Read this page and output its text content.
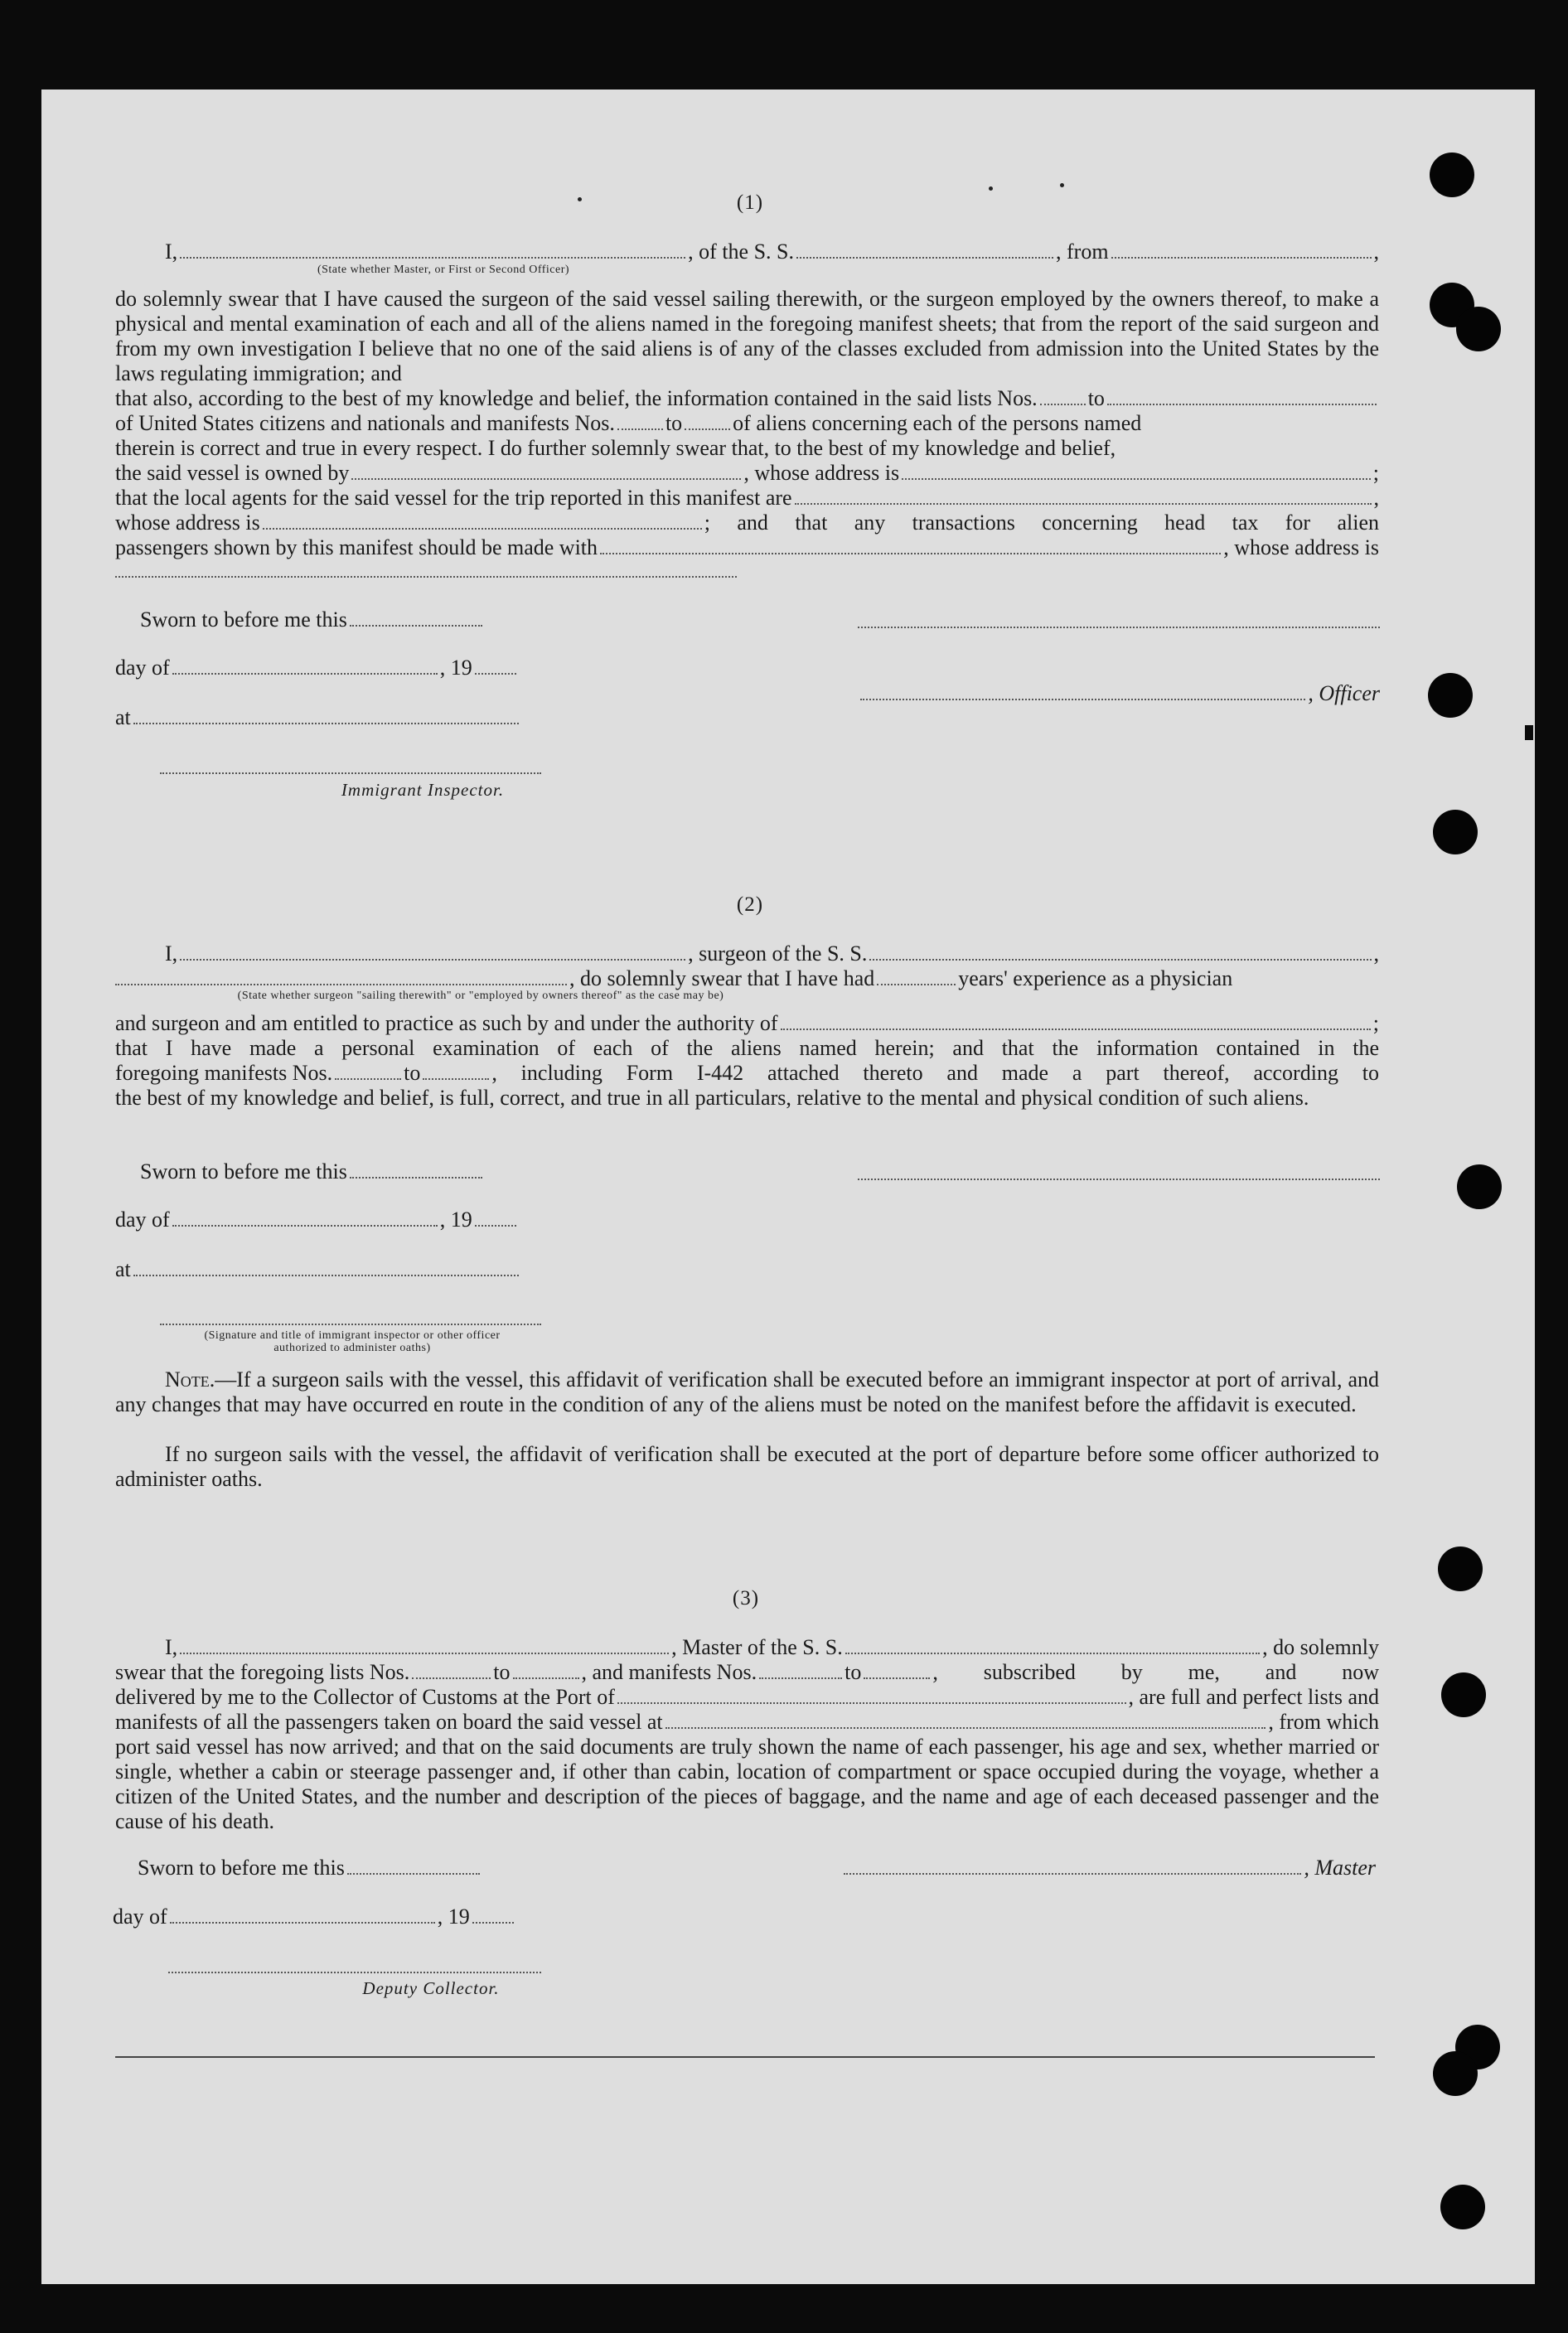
(1)
I,	, of the S. S.	, from	,
(State whether Master, or First or Second Officer)
do solemnly swear that I have caused the surgeon of the said vessel sailing therewith, or the surgeon employed by the owners thereof, to make a physical and mental examination of each and all of the aliens named in the foregoing manifest sheets; that from the report of the said surgeon and from my own investigation I believe that no one of the said aliens is of any of the classes excluded from admission into the United States by the laws regulating immigration; and
that also, according to the best of my knowledge and belief, the information contained in the said lists Nos. to
of United States citizens and nationals and manifests Nos. to of aliens concerning each of the persons named
therein is correct and true in every respect. I do further solemnly swear that, to the best of my knowledge and belief,
the said vessel is owned by	, whose address is	;
that the local agents for the said vessel for the trip reported in this manifest are	,
whose address is	; and that any transactions concerning head tax for alien
passengers shown by this manifest should be made with	, whose address is
Sworn to before me this
day of	, 19
, Officer
at
Immigrant Inspector.
(2)
I,	, surgeon of the S. S.	,
, do solemnly swear that I have had	years' experience as a physician
(State whether surgeon "sailing therewith" or "employed by owners thereof" as the case may be)
and surgeon and am entitled to practice as such by and under the authority of	;
that I have made a personal examination of each of the aliens named herein; and that the information contained in the
foregoing manifests Nos.	to	, including Form I-442 attached thereto and made a part thereof, according to
the best of my knowledge and belief, is full, correct, and true in all particulars, relative to the mental and physical condition of such aliens.
Sworn to before me this
day of	, 19
at
(Signature and title of immigrant inspector or other officer authorized to administer oaths)
Note.—If a surgeon sails with the vessel, this affidavit of verification shall be executed before an immigrant inspector at port of arrival, and any changes that may have occurred en route in the condition of any of the aliens must be noted on the manifest before the affidavit is executed.
If no surgeon sails with the vessel, the affidavit of verification shall be executed at the port of departure before some officer authorized to administer oaths.
(3)
I,	, Master of the S. S.	, do solemnly
swear that the foregoing lists Nos.	to	, and manifests Nos.	to	, subscribed by me, and now
delivered by me to the Collector of Customs at the Port of	, are full and perfect lists and
manifests of all the passengers taken on board the said vessel at	, from which
port said vessel has now arrived; and that on the said documents are truly shown the name of each passenger, his age and sex, whether married or single, whether a cabin or steerage passenger and, if other than cabin, location of compartment or space occupied during the voyage, whether a citizen of the United States, and the number and description of the pieces of baggage, and the name and age of each deceased passenger and the cause of his death.
Sworn to before me this	, Master
day of	, 19
Deputy Collector.
